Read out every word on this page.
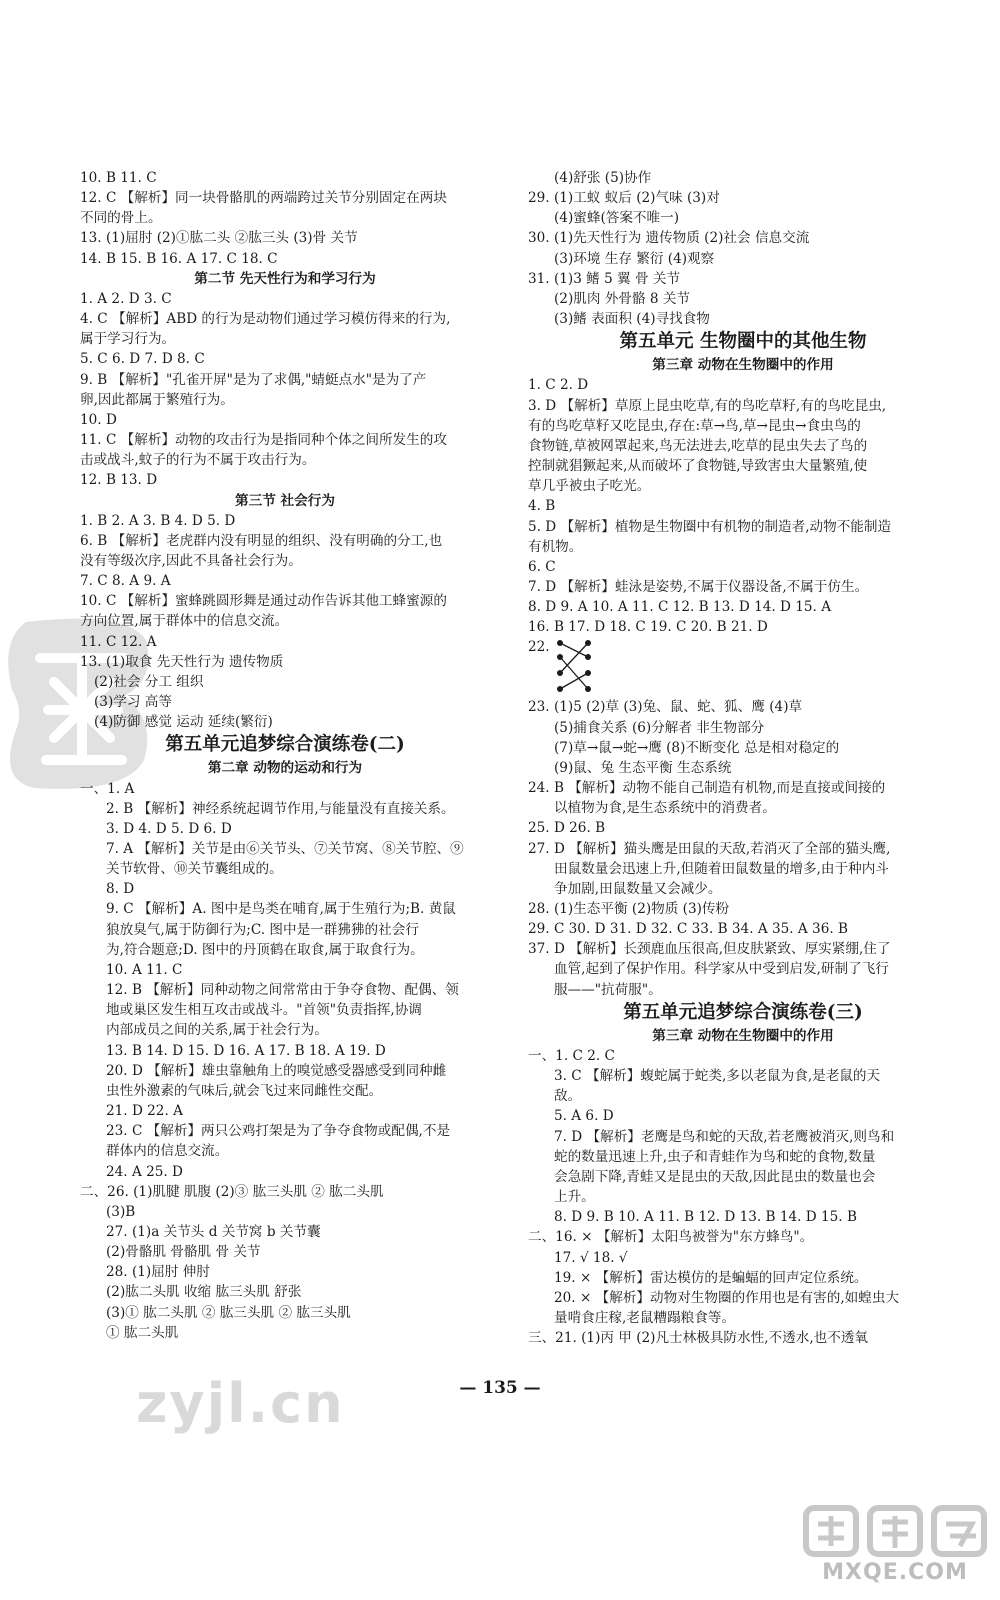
10. B 11. C
12. C 【解析】同一块骨骼肌的两端跨过关节分别固定在两块
不同的骨上。
13. (1)屈肘 (2)①肱二头 ②肱三头 (3)骨 关节
14. B 15. B 16. A 17. C 18. C
第二节 先天性行为和学习行为
1. A 2. D 3. C
4. C 【解析】ABD 的行为是动物们通过学习模仿得来的行为,
属于学习行为。
5. C 6. D 7. D 8. C
9. B 【解析】"孔雀开屏"是为了求偶,"蜻蜓点水"是为了产
卵,因此都属于繁殖行为。
10. D
11. C 【解析】动物的攻击行为是指同种个体之间所发生的攻
击或战斗,蚊子的行为不属于攻击行为。
12. B 13. D
第三节 社会行为
1. B 2. A 3. B 4. D 5. D
6. B 【解析】老虎群内没有明显的组织、没有明确的分工,也
没有等级次序,因此不具备社会行为。
7. C 8. A 9. A
10. C 【解析】蜜蜂跳圆形舞是通过动作告诉其他工蜂蜜源的
方向位置,属于群体中的信息交流。
11. C 12. A
13. (1)取食 先天性行为 遗传物质
(2)社会 分工 组织
(3)学习 高等
(4)防御 感觉 运动 延续(繁衍)
第五单元追梦综合演练卷(二)
第二章 动物的运动和行为
一、1. A
2. B 【解析】神经系统起调节作用,与能量没有直接关系。
3. D 4. D 5. D 6. D
7. A 【解析】关节是由⑥关节头、⑦关节窝、⑧关节腔、⑨
关节软骨、⑩关节囊组成的。
8. D
9. C 【解析】A. 图中是鸟类在哺育,属于生殖行为;B. 黄鼠
狼放臭气,属于防御行为;C. 图中是一群狒狒的社会行
为,符合题意;D. 图中的丹顶鹤在取食,属于取食行为。
10. A 11. C
12. B 【解析】同种动物之间常常由于争夺食物、配偶、领
地或巢区发生相互攻击或战斗。"首领"负责指挥,协调
内部成员之间的关系,属于社会行为。
13. B 14. D 15. D 16. A 17. B 18. A 19. D
20. D 【解析】雄虫靠触角上的嗅觉感受器感受到同种雌
虫性外激素的气味后,就会飞过来同雌性交配。
21. D 22. A
23. C 【解析】两只公鸡打架是为了争夺食物或配偶,不是
群体内的信息交流。
24. A 25. D
二、26. (1)肌腱 肌腹 (2)③ 肱三头肌 ② 肱二头肌
(3)B
27. (1)a 关节头 d 关节窝 b 关节囊
(2)骨骼肌 骨骼肌 骨 关节
28. (1)屈肘 伸肘
(2)肱二头肌 收缩 肱三头肌 舒张
(3)① 肱二头肌 ② 肱三头肌 ② 肱三头肌
① 肱二头肌
(4)舒张 (5)协作
29. (1)工蚁 蚁后 (2)气味 (3)对
(4)蜜蜂(答案不唯一)
30. (1)先天性行为 遗传物质 (2)社会 信息交流
(3)环境 生存 繁衍 (4)观察
31. (1)3 鳍 5 翼 骨 关节
(2)肌肉 外骨骼 8 关节
(3)鳍 表面积 (4)寻找食物
第五单元 生物圈中的其他生物
第三章 动物在生物圈中的作用
1. C 2. D
3. D 【解析】草原上昆虫吃草,有的鸟吃草籽,有的鸟吃昆虫,
有的鸟吃草籽又吃昆虫,存在:草→鸟,草→昆虫→食虫鸟的
食物链,草被网罩起来,鸟无法进去,吃草的昆虫失去了鸟的
控制就猖獗起来,从而破坏了食物链,导致害虫大量繁殖,使
草几乎被虫子吃光。
4. B
5. D 【解析】植物是生物圈中有机物的制造者,动物不能制造
有机物。
6. C
7. D 【解析】蛙泳是姿势,不属于仪器设备,不属于仿生。
8. D 9. A 10. A 11. C 12. B 13. D 14. D 15. A
16. B 17. D 18. C 19. C 20. B 21. D
22.
23. (1)5 (2)草 (3)兔、鼠、蛇、狐、鹰 (4)草
(5)捕食关系 (6)分解者 非生物部分
(7)草→鼠→蛇→鹰 (8)不断变化 总是相对稳定的
(9)鼠、兔 生态平衡 生态系统
24. B 【解析】动物不能自己制造有机物,而是直接或间接的
以植物为食,是生态系统中的消费者。
25. D 26. B
27. D 【解析】猫头鹰是田鼠的天敌,若消灭了全部的猫头鹰,
田鼠数量会迅速上升,但随着田鼠数量的增多,由于种内斗
争加剧,田鼠数量又会减少。
28. (1)生态平衡 (2)物质 (3)传粉
29. C 30. D 31. D 32. C 33. B 34. A 35. A 36. B
37. D 【解析】长颈鹿血压很高,但皮肤紧致、厚实紧绷,住了
血管,起到了保护作用。科学家从中受到启发,研制了飞行
服——"抗荷服"。
第五单元追梦综合演练卷(三)
第三章 动物在生物圈中的作用
一、1. C 2. C
3. C 【解析】蝮蛇属于蛇类,多以老鼠为食,是老鼠的天
敌。
5. A 6. D
7. D 【解析】老鹰是鸟和蛇的天敌,若老鹰被消灭,则鸟和
蛇的数量迅速上升,虫子和青蛙作为鸟和蛇的食物,数量
会急剧下降,青蛙又是昆虫的天敌,因此昆虫的数量也会
上升。
8. D 9. B 10. A 11. B 12. D 13. B 14. D 15. B
二、16. × 【解析】太阳鸟被誉为"东方蜂鸟"。
17. √ 18. √
19. × 【解析】雷达模仿的是蝙蝠的回声定位系统。
20. × 【解析】动物对生物圈的作用也是有害的,如蝗虫大
量啃食庄稼,老鼠糟蹋粮食等。
三、21. (1)丙 甲 (2)凡士林极具防水性,不透水,也不透氧
— 135 —
zyjl.cn
MXQE.COM
